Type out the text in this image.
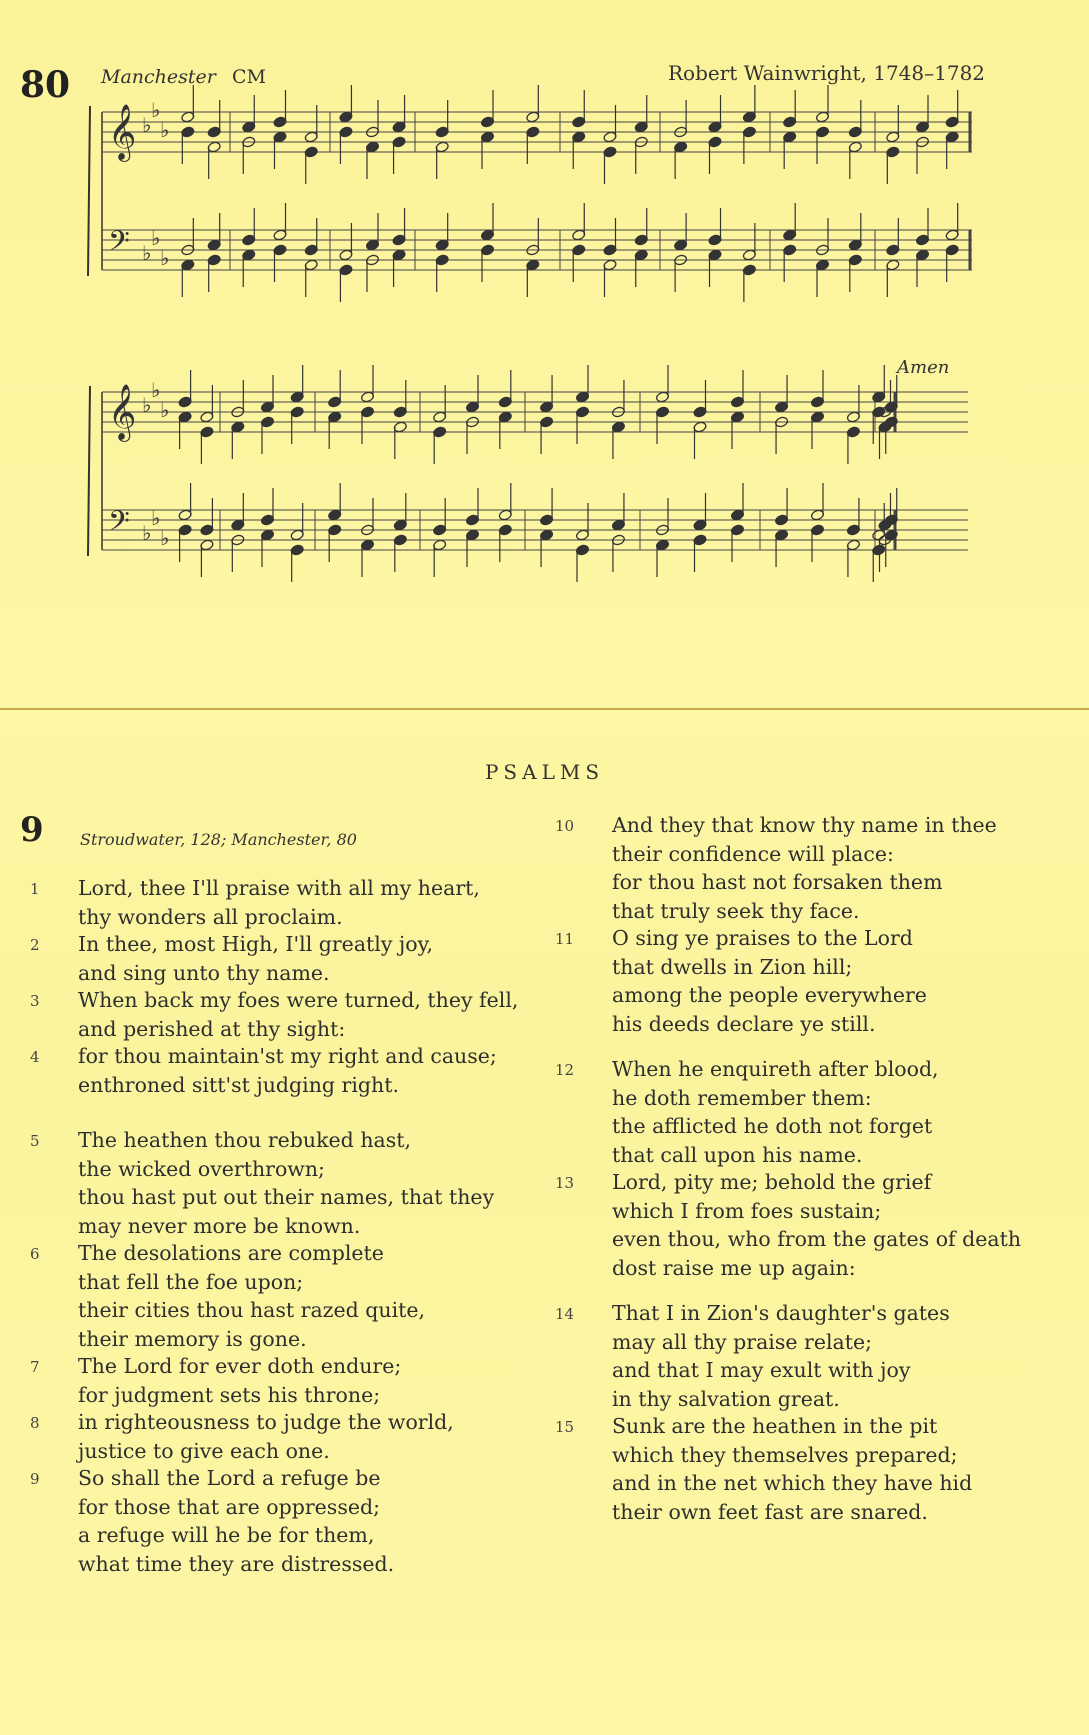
80 Manchester CM	Robert Wainwright, 1748–1782
Amen
𝄞 ♭
♭
♭
𝄢 ♭
♭
♭
𝄞 ♭
♭
♭
𝄢 ♭
♭
♭
PSALMS
9 Stroudwater, 128; Manchester, 80
1 Lord, thee I'll praise with all my heart,
thy wonders all proclaim.
2 In thee, most High, I'll greatly joy,
and sing unto thy name.
3 When back my foes were turned, they fell,
and perished at thy sight:
4 for thou maintain'st my right and cause;
enthroned sitt'st judging right.
5 The heathen thou rebuked hast,
the wicked overthrown;
thou hast put out their names, that they
may never more be known.
6 The desolations are complete
that fell the foe upon;
their cities thou hast razed quite,
their memory is gone.
7 The Lord for ever doth endure;
for judgment sets his throne;
8 in righteousness to judge the world,
justice to give each one.
9 So shall the Lord a refuge be
for those that are oppressed;
a refuge will he be for them,
what time they are distressed.
10 And they that know thy name in thee
their confidence will place:
for thou hast not forsaken them
that truly seek thy face.
11 O sing ye praises to the Lord
that dwells in Zion hill;
among the people everywhere
his deeds declare ye still.
12 When he enquireth after blood,
he doth remember them:
the afflicted he doth not forget
that call upon his name.
13 Lord, pity me; behold the grief
which I from foes sustain;
even thou, who from the gates of death
dost raise me up again:
14 That I in Zion's daughter's gates
may all thy praise relate;
and that I may exult with joy
in thy salvation great.
15 Sunk are the heathen in the pit
which they themselves prepared;
and in the net which they have hid
their own feet fast are snared.
